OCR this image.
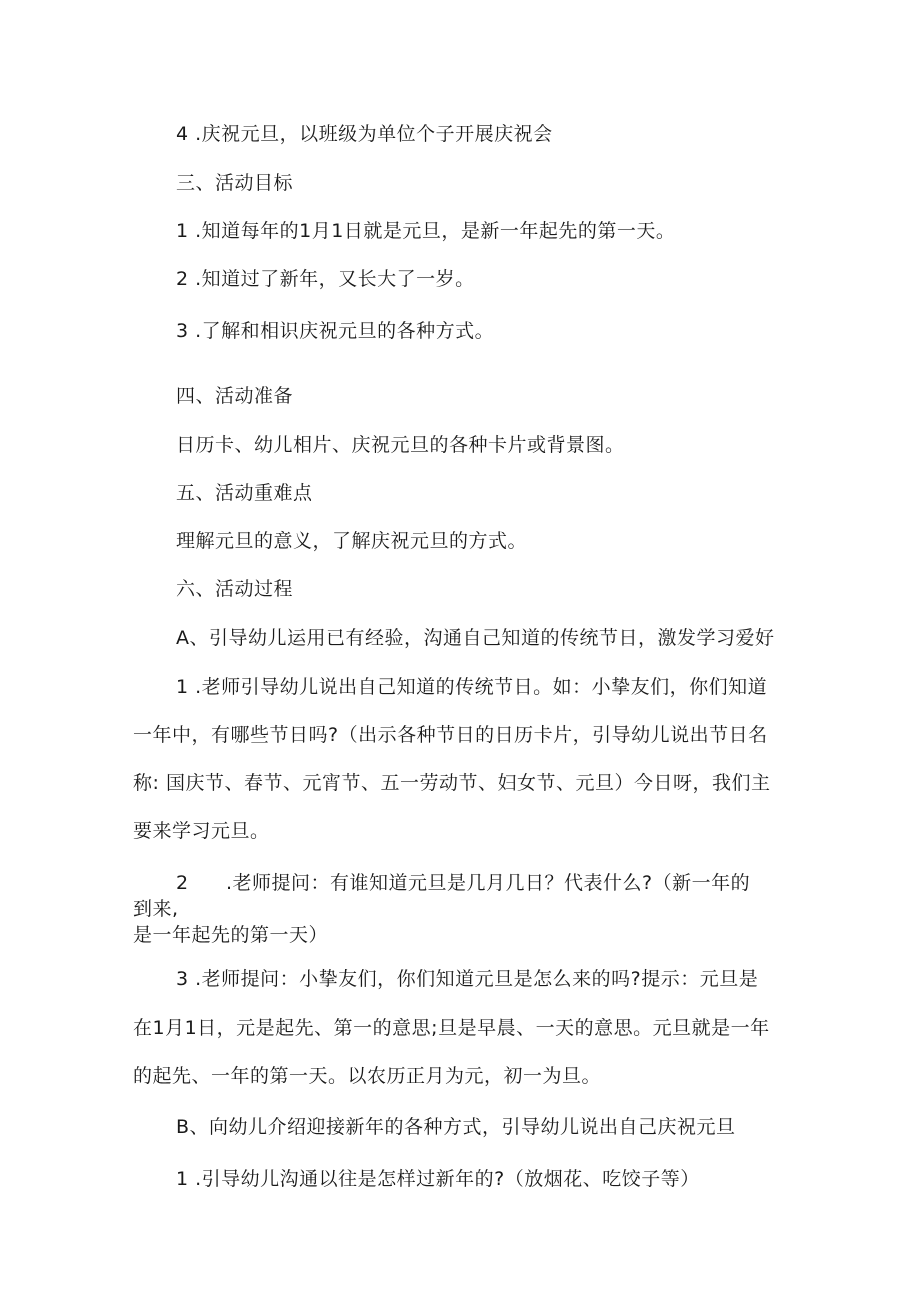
4 .庆祝元旦，以班级为单位个子开展庆祝会
三、活动目标
1 .知道每年的1月1日就是元旦，是新一年起先的第一天。
2 .知道过了新年，又长大了一岁。
3 .了解和相识庆祝元旦的各种方式。
四、活动准备
日历卡、幼儿相片、庆祝元旦的各种卡片或背景图。
五、活动重难点
理解元旦的意义，了解庆祝元旦的方式。
六、活动过程
A、引导幼儿运用已有经验，沟通自己知道的传统节日，激发学习爱好
1 .老师引导幼儿说出自己知道的传统节日。如：小挚友们，你们知道
一年中，有哪些节日吗?（出示各种节日的日历卡片，引导幼儿说出节日名
称: 国庆节、春节、元宵节、五一劳动节、妇女节、元旦）今日呀，我们主
要来学习元旦。
2 .老师提问：有谁知道元旦是几月几日？代表什么?（新一年的
到来,
是一年起先的第一天）
3 .老师提问：小挚友们，你们知道元旦是怎么来的吗?提示：元旦是
在1月1日，元是起先、第一的意思;旦是早晨、一天的意思。元旦就是一年
的起先、一年的第一天。以农历正月为元，初一为旦。
B、向幼儿介绍迎接新年的各种方式，引导幼儿说出自己庆祝元旦
1 .引导幼儿沟通以往是怎样过新年的?（放烟花、吃饺子等）
